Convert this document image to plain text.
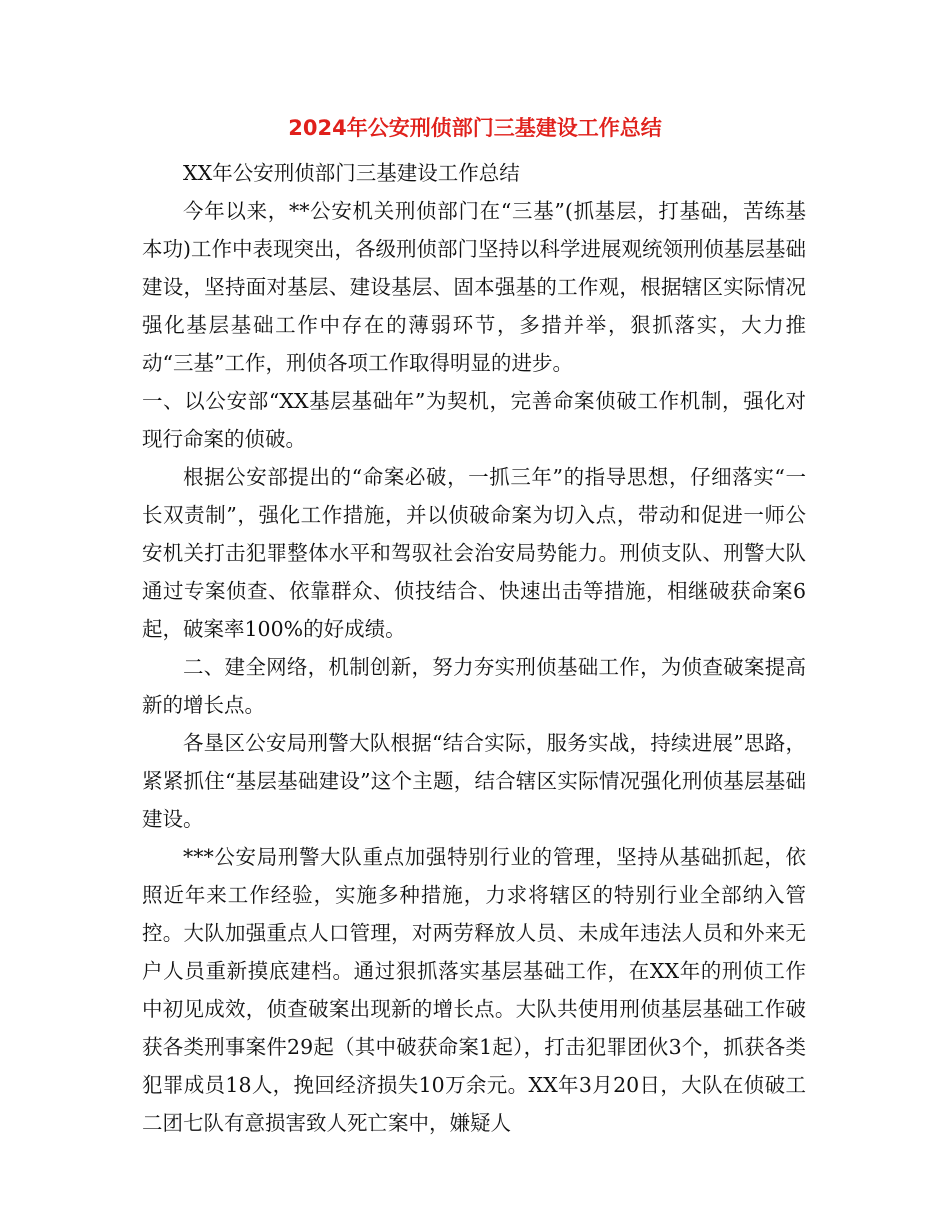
2024年公安刑侦部门三基建设工作总结

XX年公安刑侦部门三基建设工作总结

今年以来，**公安机关刑侦部门在“三基”(抓基层，打基础，苦练基本功)工作中表现突出，各级刑侦部门坚持以科学进展观统领刑侦基层基础建设，坚持面对基层、建设基层、固本强基的工作观，根据辖区实际情况强化基层基础工作中存在的薄弱环节，多措并举，狠抓落实，大力推动“三基”工作，刑侦各项工作取得明显的进步。

一、以公安部“XX基层基础年”为契机，完善命案侦破工作机制，强化对现行命案的侦破。

根据公安部提出的“命案必破，一抓三年”的指导思想，仔细落实“一长双责制”，强化工作措施，并以侦破命案为切入点，带动和促进一师公安机关打击犯罪整体水平和驾驭社会治安局势能力。刑侦支队、刑警大队通过专案侦查、依靠群众、侦技结合、快速出击等措施，相继破获命案6起，破案率100%的好成绩。

二、建全网络，机制创新，努力夯实刑侦基础工作，为侦查破案提高新的增长点。

各垦区公安局刑警大队根据“结合实际，服务实战，持续进展”思路，紧紧抓住“基层基础建设”这个主题，结合辖区实际情况强化刑侦基层基础建设。

***公安局刑警大队重点加强特别行业的管理，坚持从基础抓起，依照近年来工作经验，实施多种措施，力求将辖区的特别行业全部纳入管控。大队加强重点人口管理，对两劳释放人员、未成年违法人员和外来无户人员重新摸底建档。通过狠抓落实基层基础工作，在XX年的刑侦工作中初见成效，侦查破案出现新的增长点。大队共使用刑侦基层基础工作破获各类刑事案件29起（其中破获命案1起），打击犯罪团伙3个，抓获各类犯罪成员18人，挽回经济损失10万余元。XX年3月20日，大队在侦破工二团七队有意损害致人死亡案中，嫌疑人
